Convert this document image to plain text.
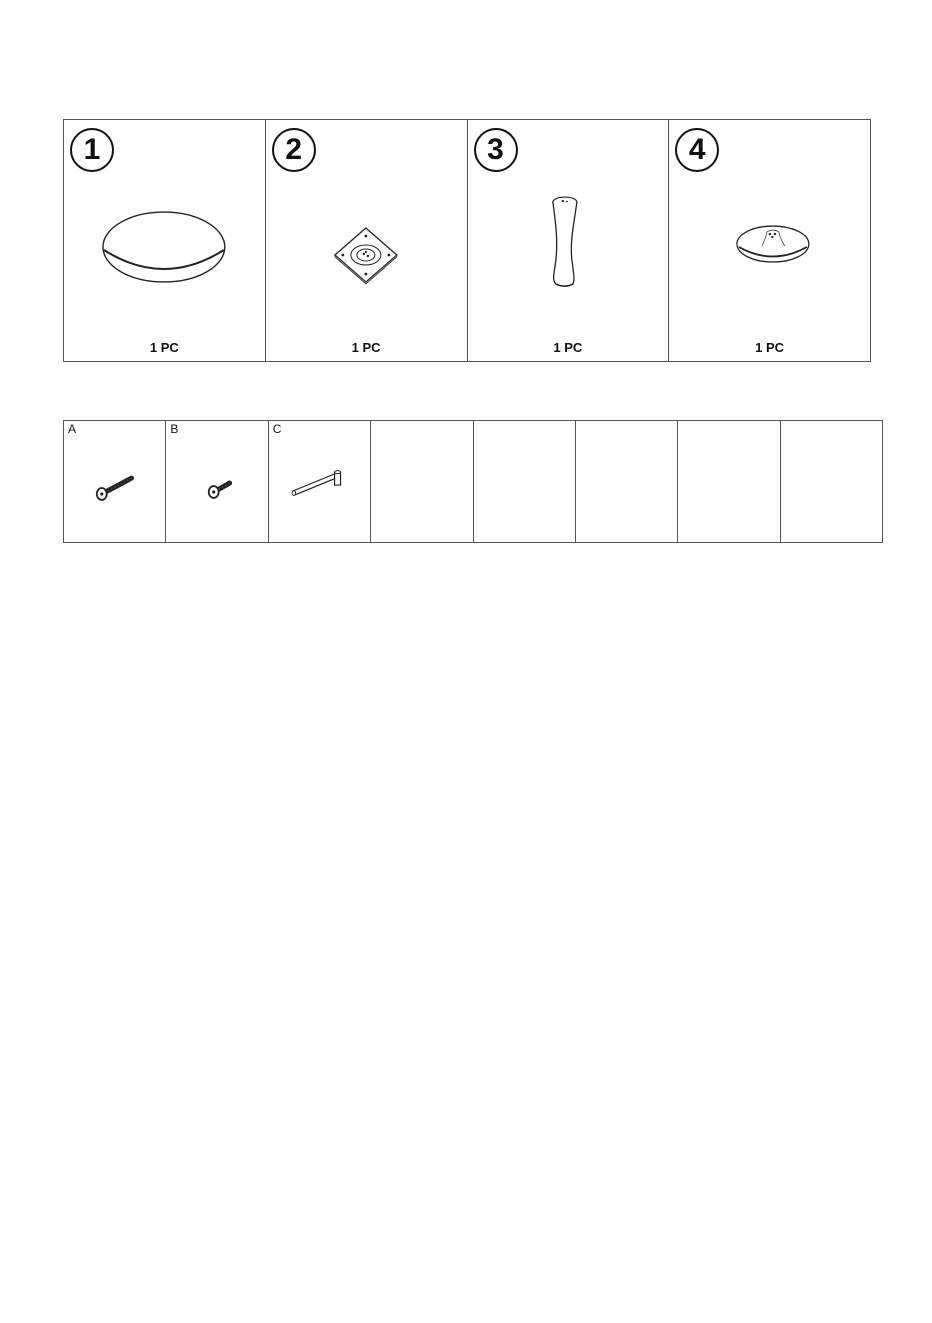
1
1 PC
2
1 PC
3
1 PC
4
1 PC
A	B	C
